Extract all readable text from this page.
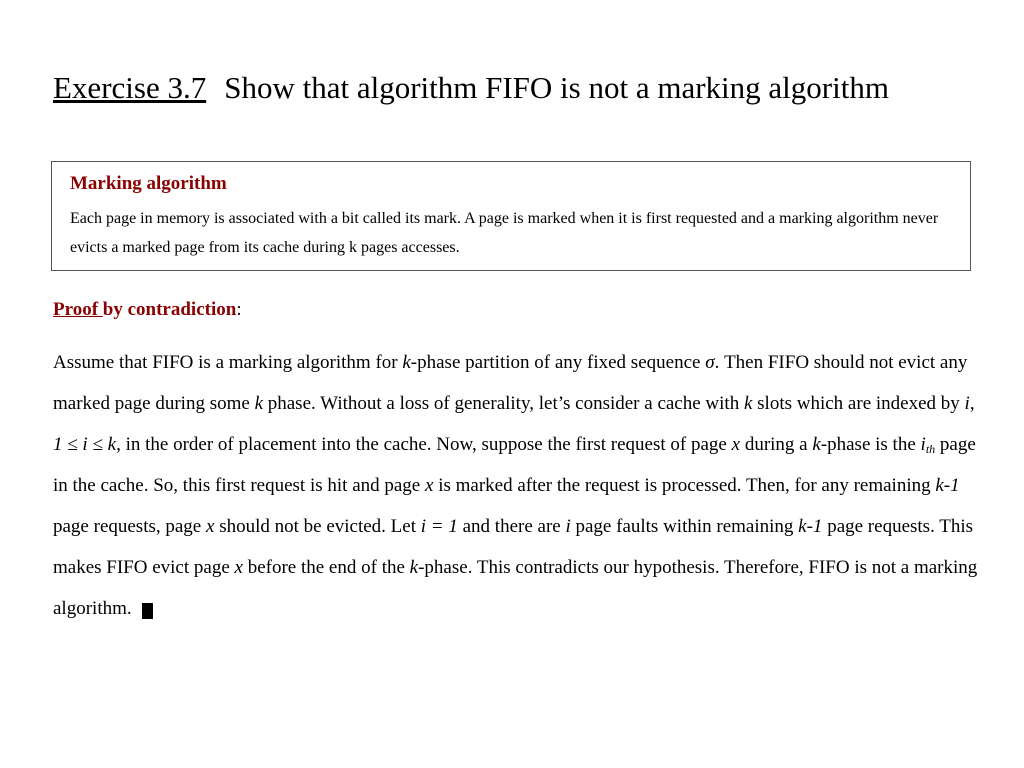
Exercise 3.7 Show that algorithm FIFO is not a marking algorithm
Marking algorithm
Each page in memory is associated with a bit called its mark. A page is marked when it is first requested and a marking algorithm never evicts a marked page from its cache during k pages accesses.
Proof by contradiction:
Assume that FIFO is a marking algorithm for k-phase partition of any fixed sequence σ. Then FIFO should not evict any marked page during some k phase. Without a loss of generality, let’s consider a cache with k slots which are indexed by i, 1 ≤ i ≤ k, in the order of placement into the cache. Now, suppose the first request of page x during a k-phase is the $i_{th}$ page in the cache. So, this first request is hit and page x is marked after the request is processed. Then, for any remaining k-1 page requests, page x should not be evicted. Let i = 1 and there are i page faults within remaining k-1 page requests. This makes FIFO evict page x before the end of the k-phase. This contradicts our hypothesis. Therefore, FIFO is not a marking algorithm.
